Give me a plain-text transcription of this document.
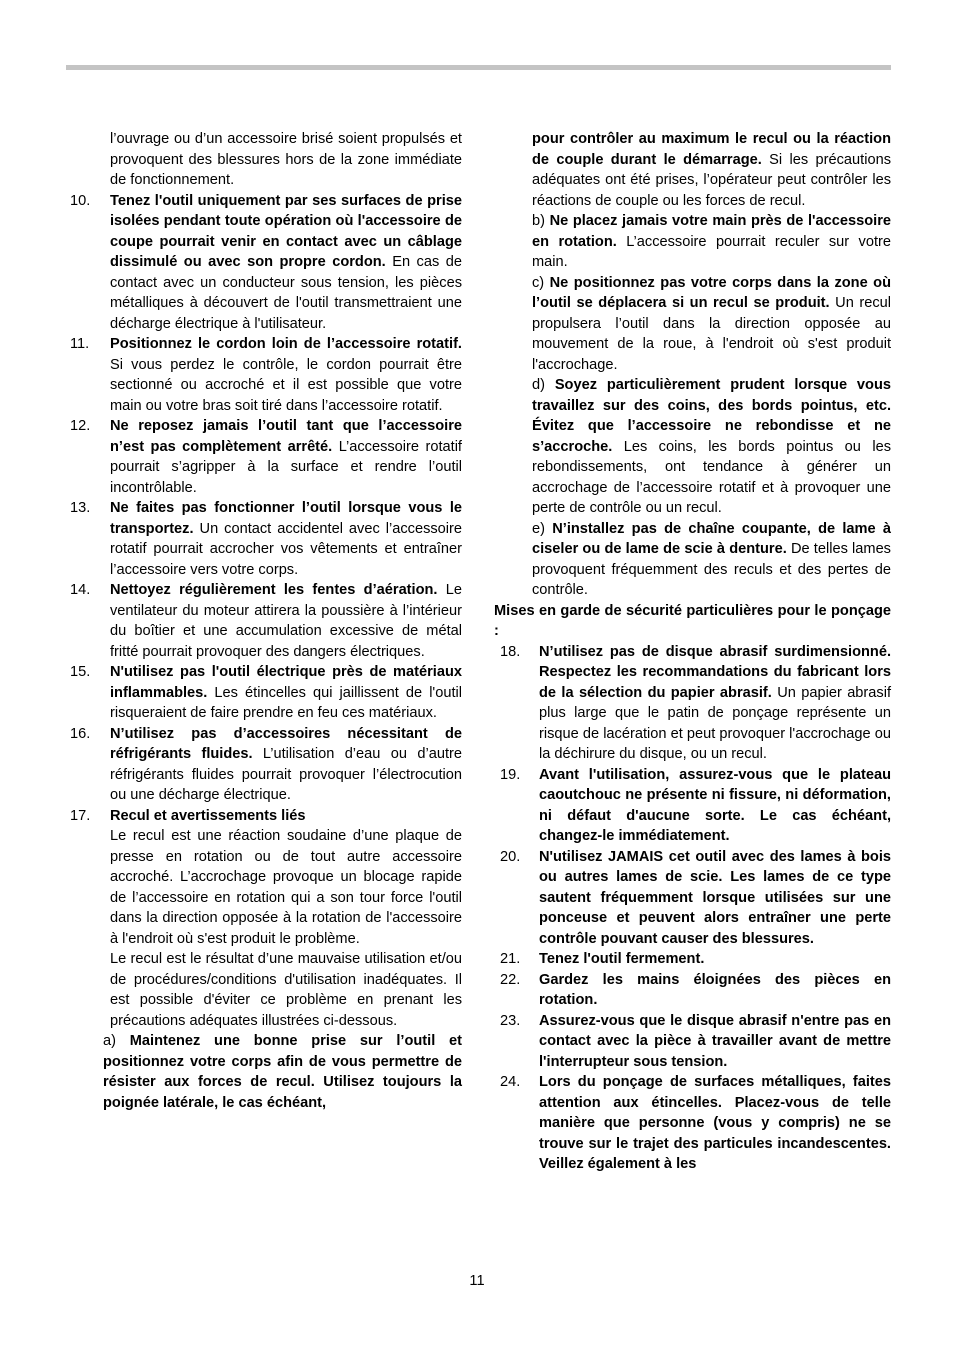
l’ouvrage ou d’un accessoire brisé soient propulsés et provoquent des blessures hors de la zone immédiate de fonctionnement.

10. Tenez l'outil uniquement par ses surfaces de prise isolées pendant toute opération où l'accessoire de coupe pourrait venir en contact avec un câblage dissimulé ou avec son propre cordon. En cas de contact avec un conducteur sous tension, les pièces métalliques à découvert de l'outil transmettraient une décharge électrique à l'utilisateur.

11. Positionnez le cordon loin de l’accessoire rotatif. Si vous perdez le contrôle, le cordon pourrait être sectionné ou accroché et il est possible que votre main ou votre bras soit tiré dans l’accessoire rotatif.

12. Ne reposez jamais l’outil tant que l’accessoire n’est pas complètement arrêté. L’accessoire rotatif pourrait s’agripper à la surface et rendre l’outil incontrôlable.

13. Ne faites pas fonctionner l’outil lorsque vous le transportez. Un contact accidentel avec l’accessoire rotatif pourrait accrocher vos vêtements et entraîner l’accessoire vers votre corps.

14. Nettoyez régulièrement les fentes d’aération. Le ventilateur du moteur attirera la poussière à l’intérieur du boîtier et une accumulation excessive de métal fritté pourrait provoquer des dangers électriques.

15. N'utilisez pas l'outil électrique près de matériaux inflammables. Les étincelles qui jaillissent de l'outil risqueraient de faire prendre en feu ces matériaux.

16. N’utilisez pas d’accessoires nécessitant de réfrigérants fluides. L’utilisation d’eau ou d’autre réfrigérants fluides pourrait provoquer l’électrocution ou une décharge électrique.

17. Recul et avertissements liés

Le recul est une réaction soudaine d’une plaque de presse en rotation ou de tout autre accessoire accroché. L’accrochage provoque un blocage rapide de l’accessoire en rotation qui a son tour force l'outil dans la direction opposée à la rotation de l'accessoire à l'endroit où s'est produit le problème.

Le recul est le résultat d’une mauvaise utilisation et/ou de procédures/conditions d'utilisation inadéquates. Il est possible d'éviter ce problème en prenant les précautions adéquates illustrées ci-dessous.

a) Maintenez une bonne prise sur l’outil et positionnez votre corps afin de vous permettre de résister aux forces de recul. Utilisez toujours la poignée latérale, le cas échéant,

pour contrôler au maximum le recul ou la réaction de couple durant le démarrage. Si les précautions adéquates ont été prises, l’opérateur peut contrôler les réactions de couple ou les forces de recul.

b) Ne placez jamais votre main près de l'accessoire en rotation. L’accessoire pourrait reculer sur votre main.

c) Ne positionnez pas votre corps dans la zone où l’outil se déplacera si un recul se produit. Un recul propulsera l’outil dans la direction opposée au mouvement de la roue, à l'endroit où s'est produit l'accrochage.

d) Soyez particulièrement prudent lorsque vous travaillez sur des coins, des bords pointus, etc. Évitez que l’accessoire ne rebondisse et ne s’accroche. Les coins, les bords pointus ou les rebondissements, ont tendance à générer un accrochage de l’accessoire rotatif et à provoquer une perte de contrôle ou un recul.

e) N’installez pas de chaîne coupante, de lame à ciseler ou de lame de scie à denture. De telles lames provoquent fréquemment des reculs et des pertes de contrôle.

Mises en garde de sécurité particulières pour le ponçage :

18. N’utilisez pas de disque abrasif surdimensionné. Respectez les recommandations du fabricant lors de la sélection du papier abrasif. Un papier abrasif plus large que le patin de ponçage représente un risque de lacération et peut provoquer l'accrochage ou la déchirure du disque, ou un recul.

19. Avant l'utilisation, assurez-vous que le plateau caoutchouc ne présente ni fissure, ni déformation, ni défaut d'aucune sorte. Le cas échéant, changez-le immédiatement.

20. N'utilisez JAMAIS cet outil avec des lames à bois ou autres lames de scie. Les lames de ce type sautent fréquemment lorsque utilisées sur une ponceuse et peuvent alors entraîner une perte contrôle pouvant causer des blessures.

21. Tenez l'outil fermement.

22. Gardez les mains éloignées des pièces en rotation.

23. Assurez-vous que le disque abrasif n'entre pas en contact avec la pièce à travailler avant de mettre l'interrupteur sous tension.

24. Lors du ponçage de surfaces métalliques, faites attention aux étincelles. Placez-vous de telle manière que personne (vous y compris) ne se trouve sur le trajet des particules incandescentes. Veillez également à les

11
